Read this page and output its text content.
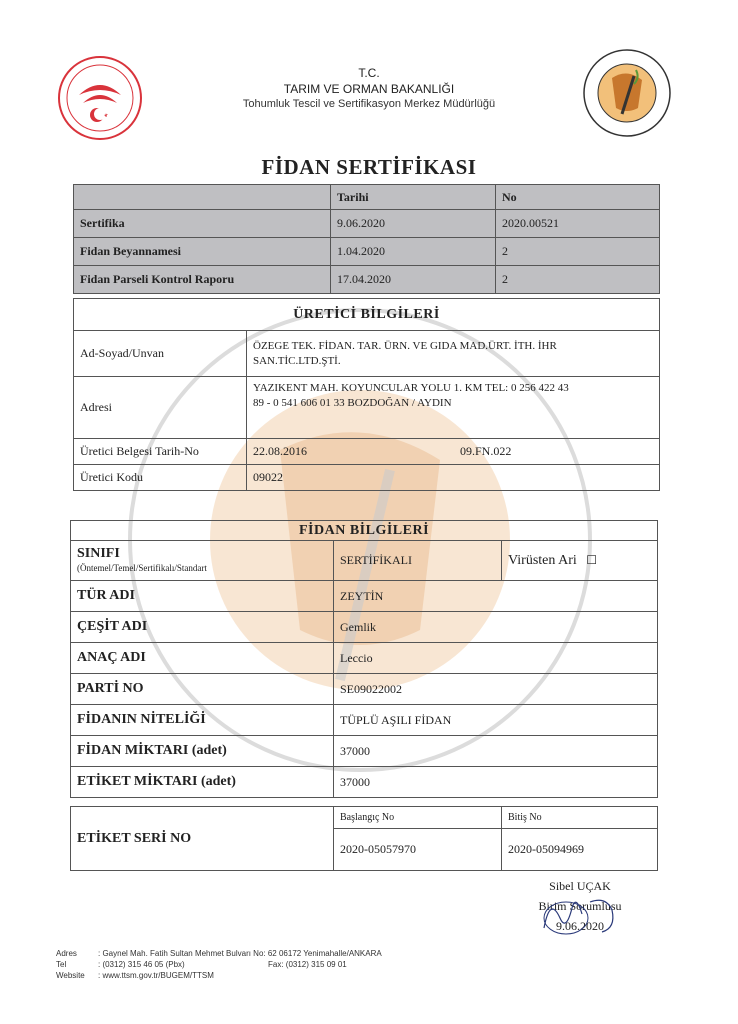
T.C.
TARIM VE ORMAN BAKANLIĞI
Tohumluk Tescil ve Sertifikasyon Merkez Müdürlüğü
FİDAN SERTİFİKASI
	Tarihi	No
Sertifika	9.06.2020	2020.00521
Fidan Beyannamesi	1.04.2020	2
Fidan Parseli Kontrol Raporu	17.04.2020	2
ÜRETİCİ BİLGİLERİ		
Ad-Soyad/Unvan	ÖZEGE TEK. FİDAN. TAR. ÜRN. VE GIDA MAD.ÜRT. İTH. İHR
SAN.TİC.LTD.ŞTİ.	

Adresi	YAZIKENT MAH. KOYUNCULAR YOLU 1. KM TEL: 0 256 422 43
89 - 0 541 606 01 33 BOZDOĞAN / AYDIN	

Üretici Belgesi Tarih-No	22.08.2016	09.FN.022
Üretici Kodu	09022	
FİDAN BİLGİLERİ		

SINIFI
(Öntemel/Temel/Sertifikalı/Standart	SERTİFİKALI	Virüsten Ari ☐
TÜR ADI	ZEYTİN	
ÇEŞİT ADI	Gemlik	
ANAÇ ADI	Leccio	
PARTİ NO	SE09022002	
FİDANIN NİTELİĞİ	TÜPLÜ AŞILI FİDAN	
FİDAN MİKTARI (adet)	37000	
ETİKET MİKTARI (adet)	37000	
ETİKET SERİ NO	Başlangıç No	Bitiş No
	2020-05057970	2020-05094969
Sibel UÇAK
Birim Sorumlusu
9.06.2020
Adres	: Gaynel Mah. Fatih Sultan Mehmet Bulvarı No: 62 06172 Yenimahalle/ANKARA
Tel	: (0312) 315 46 05 (Pbx)	Fax: (0312) 315 09 01
Website : www.ttsm.gov.tr/BUGEM/TTSM
